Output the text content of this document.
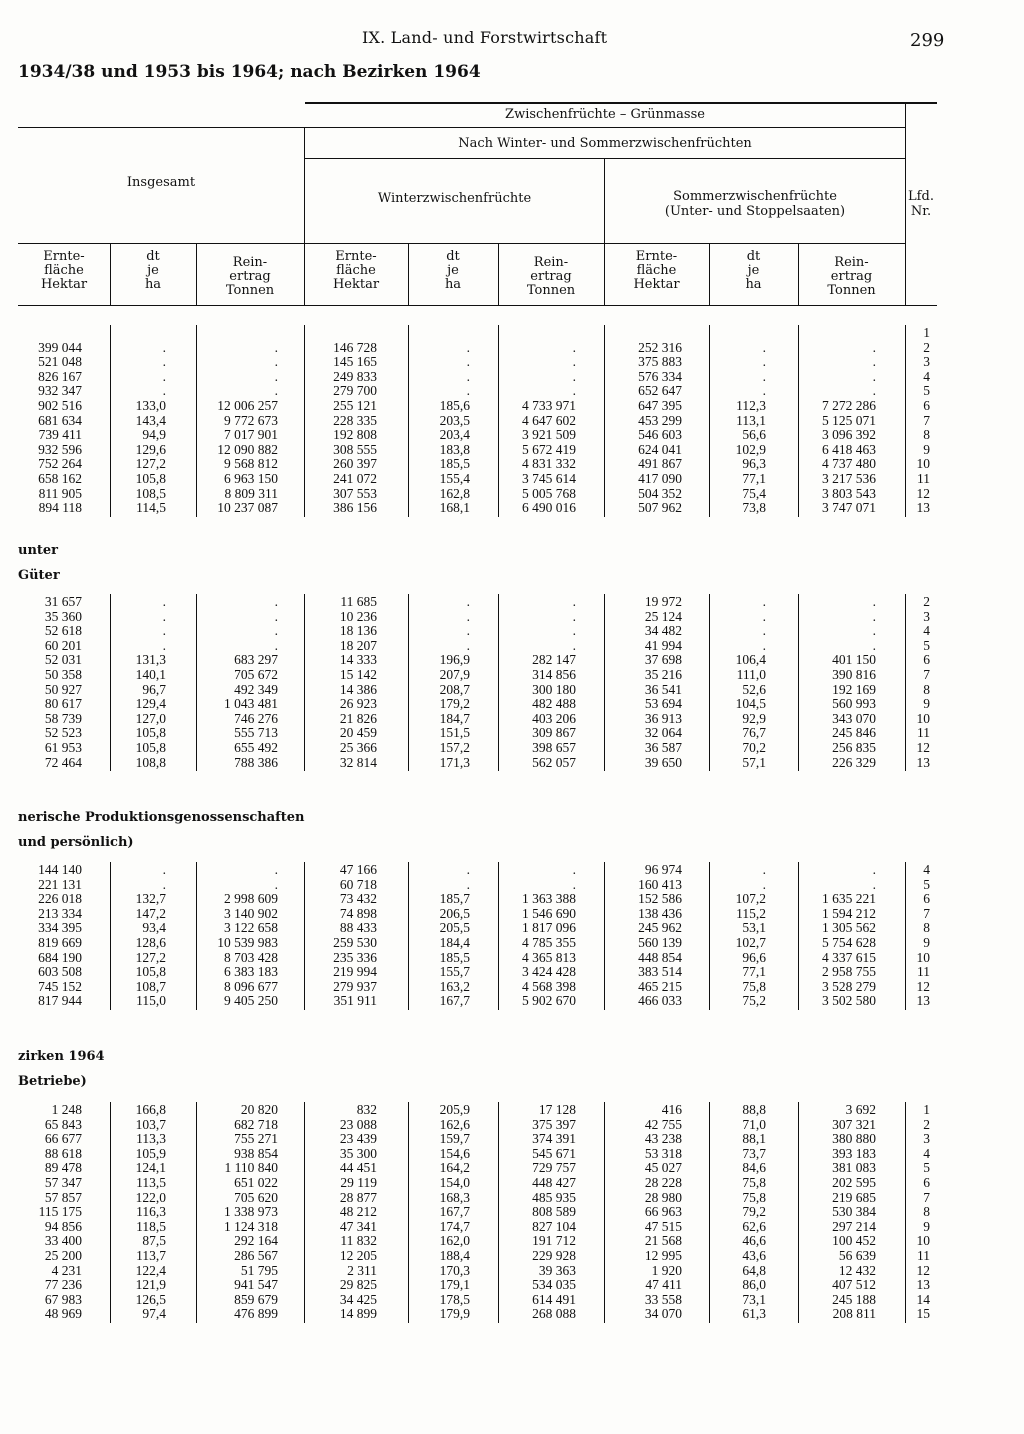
IX. Land- und Forstwirtschaft	299
1934/38 und 1953 bis 1964; nach Bezirken 1964
Zwischenfrüchte – Grünmasse
Nach Winter- und Sommerzwischenfrüchten
Insgesamt
Winterzwischenfrüchte	Sommerzwischenfrüchte
(Unter- und Stoppelsaaten)
Lfd.
Nr.
Ernte-
fläche
Hektar
dt
je
ha
Rein-
ertrag
Tonnen
Ernte-
fläche
Hektar
dt
je
ha
Rein-
ertrag
Tonnen
Ernte-
fläche
Hektar
dt
je
ha
Rein-
ertrag
Tonnen
399 044
521 048
826 167
932 347
902 516
681 634
739 411
932 596
752 264
658 162
811 905
894 118
.
.
.
.
133,0
143,4
94,9
129,6
127,2
105,8
108,5
114,5
.
.
.
.
12 006 257
9 772 673
7 017 901
12 090 882
9 568 812
6 963 150
8 809 311
10 237 087
146 728
145 165
249 833
279 700
255 121
228 335
192 808
308 555
260 397
241 072
307 553
386 156
.
.
.
.
185,6
203,5
203,4
183,8
185,5
155,4
162,8
168,1
.
.
.
.
4 733 971
4 647 602
3 921 509
5 672 419
4 831 332
3 745 614
5 005 768
6 490 016
252 316
375 883
576 334
652 647
647 395
453 299
546 603
624 041
491 867
417 090
504 352
507 962
.
.
.
.
112,3
113,1
56,6
102,9
96,3
77,1
75,4
73,8
.
.
.
.
7 272 286
5 125 071
3 096 392
6 418 463
4 737 480
3 217 536
3 803 543
3 747 071
1
2
3
4
5
6
7
8
9
10
11
12
13
unter
Güter
31 657
35 360
52 618
60 201
52 031
50 358
50 927
80 617
58 739
52 523
61 953
72 464
.
.
.
.
131,3
140,1
96,7
129,4
127,0
105,8
105,8
108,8
.
.
.
.
683 297
705 672
492 349
1 043 481
746 276
555 713
655 492
788 386
11 685
10 236
18 136
18 207
14 333
15 142
14 386
26 923
21 826
20 459
25 366
32 814
.
.
.
.
196,9
207,9
208,7
179,2
184,7
151,5
157,2
171,3
.
.
.
.
282 147
314 856
300 180
482 488
403 206
309 867
398 657
562 057
19 972
25 124
34 482
41 994
37 698
35 216
36 541
53 694
36 913
32 064
36 587
39 650
.
.
.
.
106,4
111,0
52,6
104,5
92,9
76,7
70,2
57,1
.
.
.
.
401 150
390 816
192 169
560 993
343 070
245 846
256 835
226 329
2
3
4
5
6
7
8
9
10
11
12
13
nerische Produktionsgenossenschaften
und persönlich)
144 140
221 131
226 018
213 334
334 395
819 669
684 190
603 508
745 152
817 944
.
.
132,7
147,2
93,4
128,6
127,2
105,8
108,7
115,0
.
.
2 998 609
3 140 902
3 122 658
10 539 983
8 703 428
6 383 183
8 096 677
9 405 250
47 166
60 718
73 432
74 898
88 433
259 530
235 336
219 994
279 937
351 911
.
.
185,7
206,5
205,5
184,4
185,5
155,7
163,2
167,7
.
.
1 363 388
1 546 690
1 817 096
4 785 355
4 365 813
3 424 428
4 568 398
5 902 670
96 974
160 413
152 586
138 436
245 962
560 139
448 854
383 514
465 215
466 033
.
.
107,2
115,2
53,1
102,7
96,6
77,1
75,8
75,2
.
.
1 635 221
1 594 212
1 305 562
5 754 628
4 337 615
2 958 755
3 528 279
3 502 580
4
5
6
7
8
9
10
11
12
13
zirken 1964
Betriebe)
1 248
65 843
66 677
88 618
89 478
57 347
57 857
115 175
94 856
33 400
25 200
4 231
77 236
67 983
48 969
166,8
103,7
113,3
105,9
124,1
113,5
122,0
116,3
118,5
87,5
113,7
122,4
121,9
126,5
97,4
20 820
682 718
755 271
938 854
1 110 840
651 022
705 620
1 338 973
1 124 318
292 164
286 567
51 795
941 547
859 679
476 899
832
23 088
23 439
35 300
44 451
29 119
28 877
48 212
47 341
11 832
12 205
2 311
29 825
34 425
14 899
205,9
162,6
159,7
154,6
164,2
154,0
168,3
167,7
174,7
162,0
188,4
170,3
179,1
178,5
179,9
17 128
375 397
374 391
545 671
729 757
448 427
485 935
808 589
827 104
191 712
229 928
39 363
534 035
614 491
268 088
416
42 755
43 238
53 318
45 027
28 228
28 980
66 963
47 515
21 568
12 995
1 920
47 411
33 558
34 070
88,8
71,0
88,1
73,7
84,6
75,8
75,8
79,2
62,6
46,6
43,6
64,8
86,0
73,1
61,3
3 692
307 321
380 880
393 183
381 083
202 595
219 685
530 384
297 214
100 452
56 639
12 432
407 512
245 188
208 811
1
2
3
4
5
6
7
8
9
10
11
12
13
14
15
